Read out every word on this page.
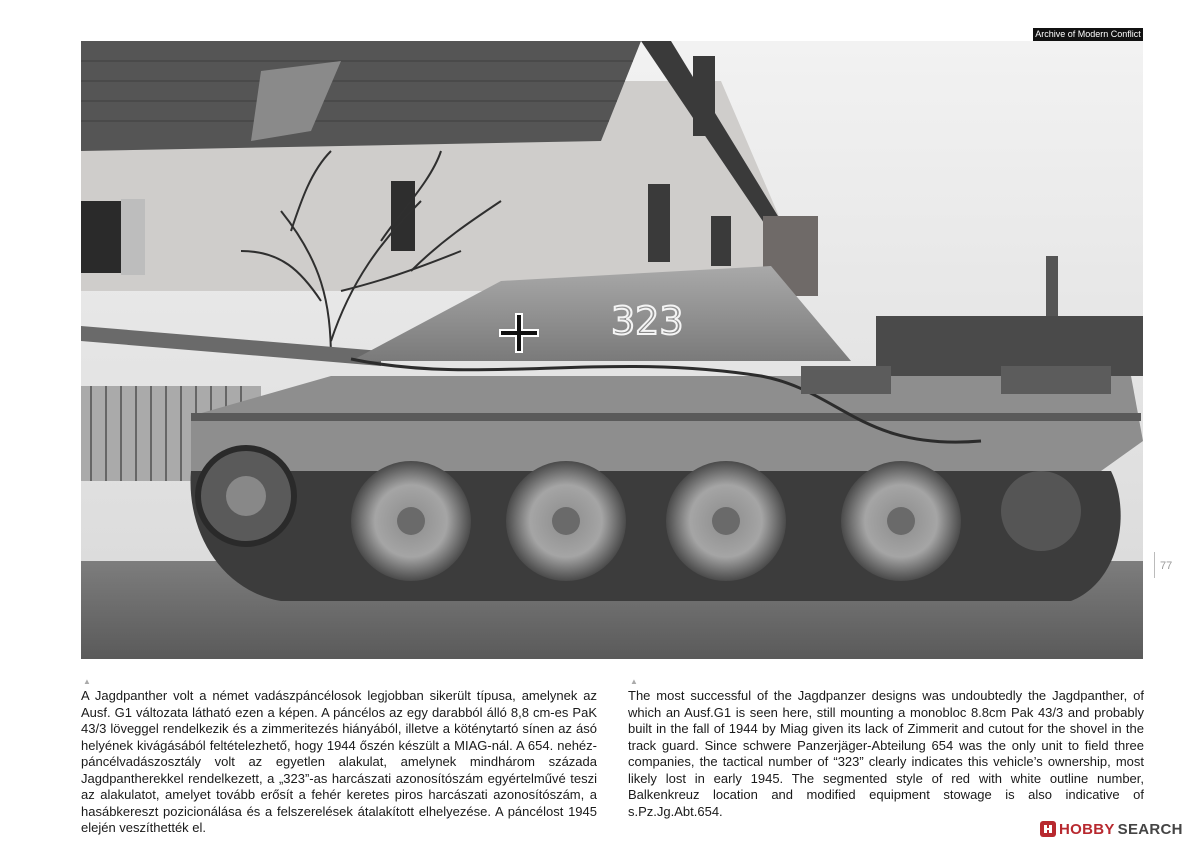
Archive of Modern Conflict
323
77
▲	▲
A Jagdpanther volt a német vadászpáncélosok legjobban sikerült típusa, amelynek az Ausf. G1 változata látható ezen a képen. A páncélos az egy darabból álló 8,8 cm-es PaK 43/3 löveggel rendelkezik és a zimmeritezés hiányából, illetve a köténytartó sínen az ásó helyének kivágásából feltételezhető, hogy 1944 őszén készült a MIAG-nál. A 654. nehéz-páncélvadászosztály volt az egyetlen alakulat, amelynek mindhárom százada Jagdpantherekkel rendelkezett, a „323”-as harcászati azonosítószám egyértelművé teszi az alakulatot, amelyet tovább erősít a fehér keretes piros harcászati azonosítószám, a hasábkereszt pozicionálása és a felszerelések átalakított elhelyezése. A páncélost 1945 elején veszíthették el.
The most successful of the Jagdpanzer designs was undoubtedly the Jagdpanther, of which an Ausf.G1 is seen here, still mounting a monobloc 8.8cm Pak 43/3 and probably built in the fall of 1944 by Miag given its lack of Zimmerit and cutout for the shovel in the track guard. Since schwere Panzerjäger-Abteilung 654 was the only unit to field three companies, the tactical number of “323” clearly indicates this vehicle’s ownership, most likely lost in early 1945. The segmented style of red with white outline number, Balkenkreuz location and modified equipment stowage is also indicative of s.Pz.Jg.Abt.654.
HOBBY SEARCH
